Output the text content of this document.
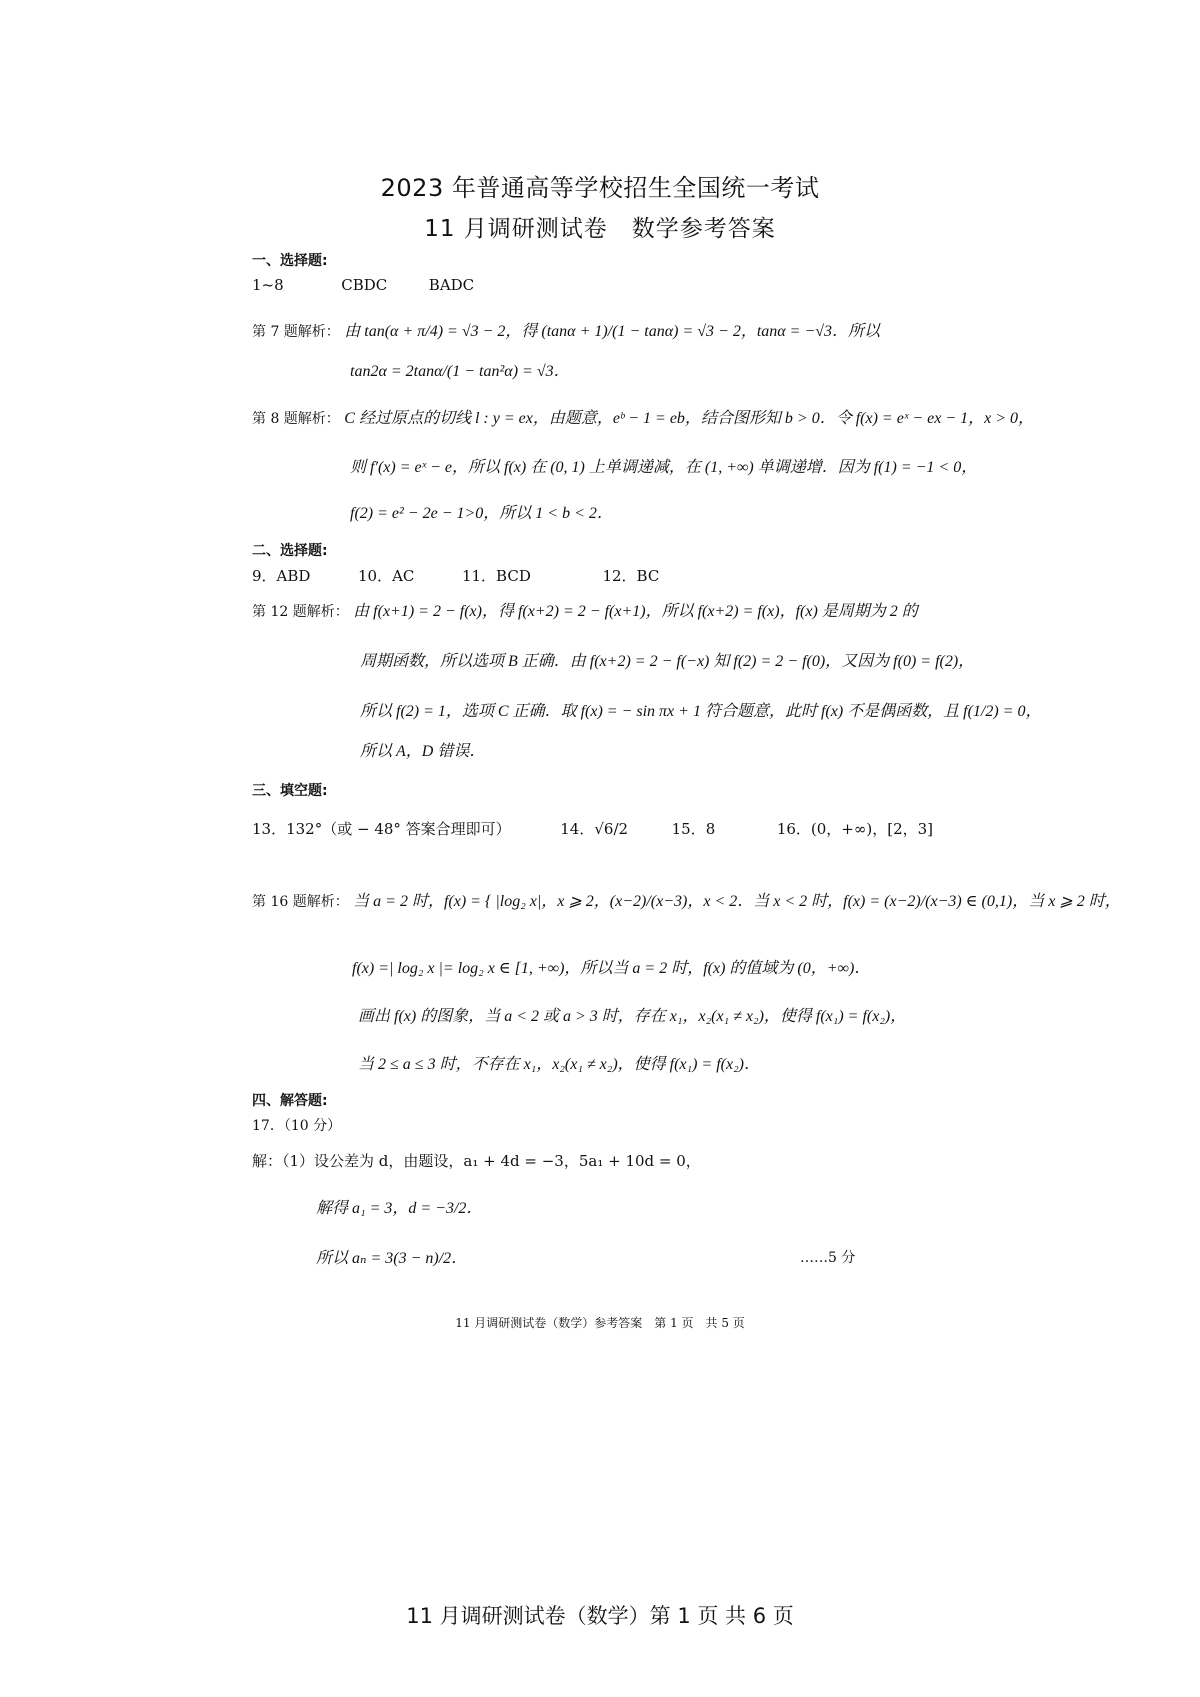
2023 年普通高等学校招生全国统一考试
11 月调研测试卷　数学参考答案
一、选择题:
1~8	CBDC	BADC
第 7 题解析： 由 tan(α + π/4) = √3 − 2，得 (tanα + 1)/(1 − tanα) = √3 − 2，tanα = −√3．所以
tan2α = 2tanα/(1 − tan²α) = √3．
第 8 题解析： C 经过原点的切线 l : y = ex，由题意，eᵇ − 1 = eb，结合图形知 b > 0．令 f(x) = eˣ − ex − 1，x > 0，
则 f′(x) = eˣ − e，所以 f(x) 在 (0, 1) 上单调递减，在 (1, +∞) 单调递增．因为 f(1) = −1 < 0，
f(2) = e² − 2e − 1>0，所以 1 < b < 2．
二、选择题:
9．ABD	10．AC	11．BCD	12．BC
第 12 题解析： 由 f(x+1) = 2 − f(x)，得 f(x+2) = 2 − f(x+1)，所以 f(x+2) = f(x)，f(x) 是周期为 2 的
周期函数，所以选项 B 正确．由 f(x+2) = 2 − f(−x) 知 f(2) = 2 − f(0)，又因为 f(0) = f(2)，
所以 f(2) = 1，选项 C 正确．取 f(x) = − sin πx + 1 符合题意，此时 f(x) 不是偶函数，且 f(1/2) = 0，
所以 A，D 错误．
三、填空题:
13．132°（或 − 48° 答案合理即可）	14．√6/2	15．8	16．(0，+∞)，[2，3]
第 16 题解析： 当 a = 2 时，f(x) = { |log₂ x|，x ⩾ 2，(x−2)/(x−3)，x < 2．当 x < 2 时，f(x) = (x−2)/(x−3) ∈ (0,1)，当 x ⩾ 2 时，
f(x) =| log₂ x |= log₂ x ∈ [1, +∞)，所以当 a = 2 时，f(x) 的值域为 (0，+∞)．
画出 f(x) 的图象，当 a < 2 或 a > 3 时，存在 x₁，x₂(x₁ ≠ x₂)，使得 f(x₁) = f(x₂)，
当 2 ≤ a ≤ 3 时，不存在 x₁，x₂(x₁ ≠ x₂)，使得 f(x₁) = f(x₂)．
四、解答题:
17．（10 分）
解：（1）设公差为 d，由题设，a₁ + 4d = −3，5a₁ + 10d = 0，
解得 a₁ = 3，d = −3/2．
所以 aₙ = 3(3 − n)/2．	……5 分
11 月调研测试卷（数学）参考答案　第 1 页　共 5 页
11 月调研测试卷（数学）第 1 页 共 6 页
